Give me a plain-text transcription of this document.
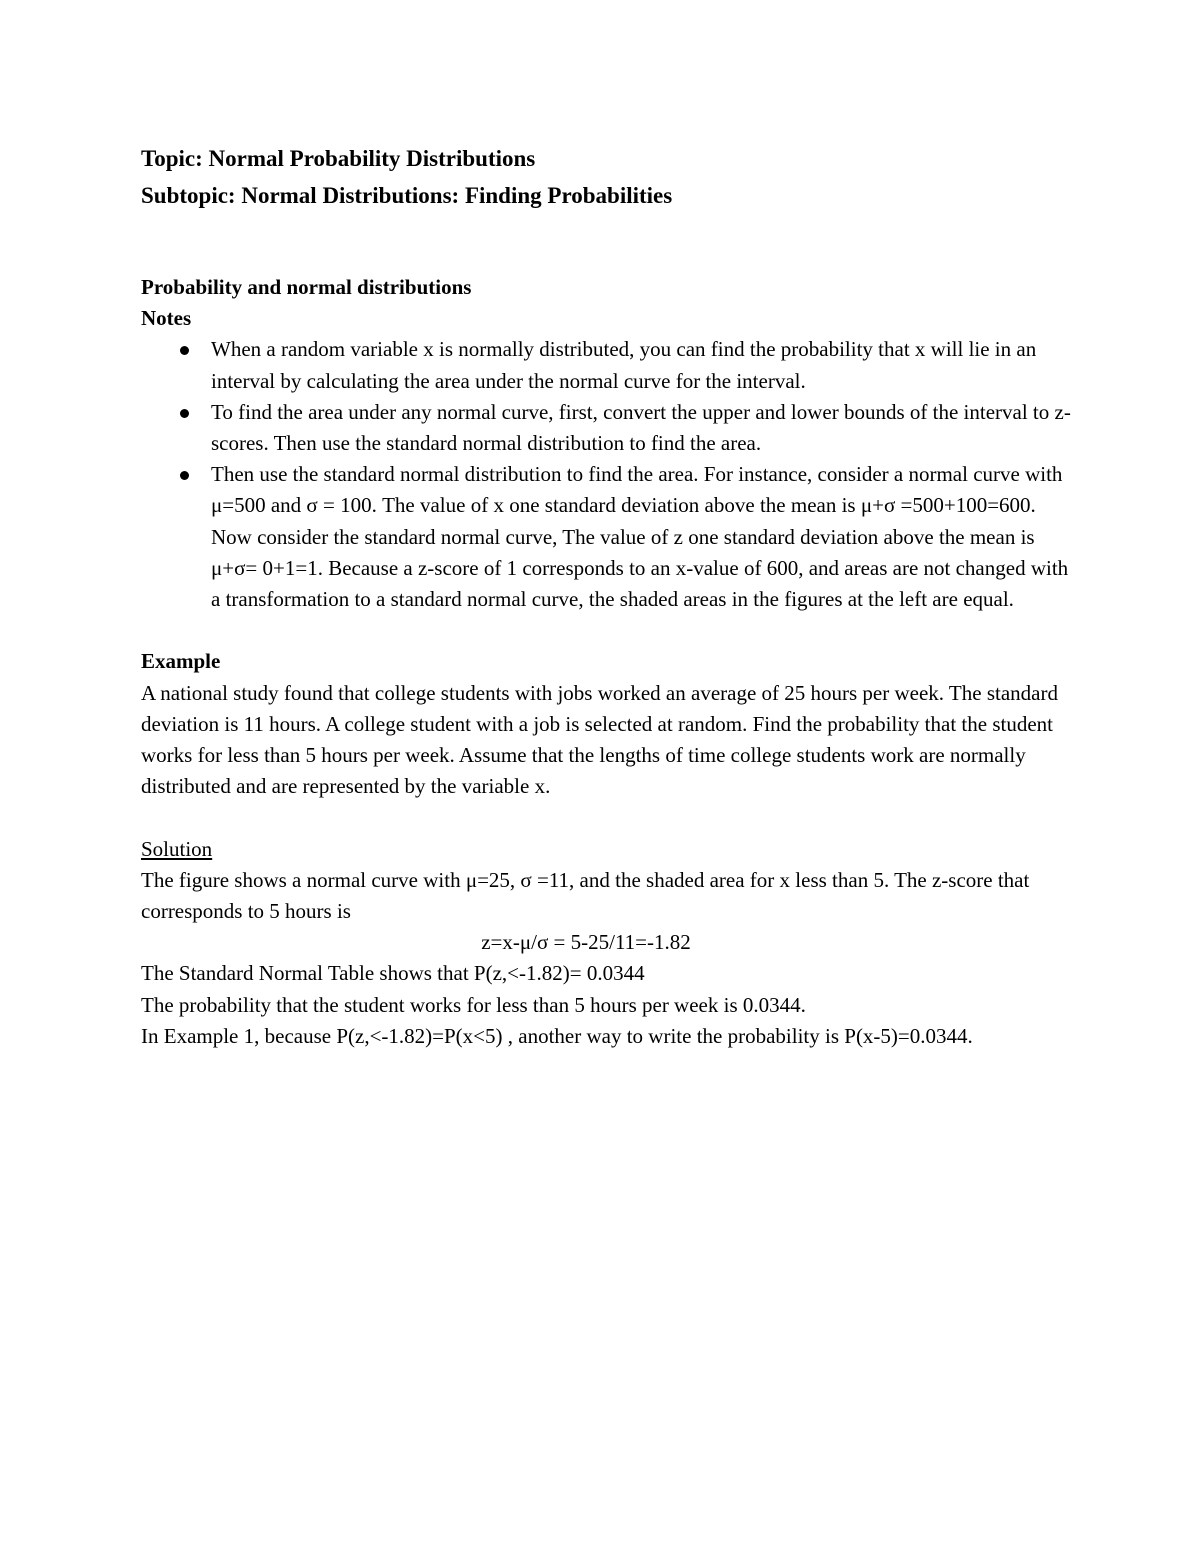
Topic: Normal Probability Distributions
Subtopic: Normal Distributions: Finding Probabilities
Probability and normal distributions
Notes
When a random variable x is normally distributed, you can find the probability that x will lie in an interval by calculating the area under the normal curve for the interval.
To find the area under any normal curve, first, convert the upper and lower bounds of the interval to z-scores. Then use the standard normal distribution to find the area.
Then use the standard normal distribution to find the area. For instance, consider a normal curve with μ=500 and σ = 100. The value of x one standard deviation above the mean is μ+σ =500+100=600. Now consider the standard normal curve, The value of z one standard deviation above the mean is μ+σ= 0+1=1. Because a z-score of 1 corresponds to an x-value of 600, and areas are not changed with a transformation to a standard normal curve, the shaded areas in the figures at the left are equal.
Example

A national study found that college students with jobs worked an average of 25 hours per week. The standard deviation is 11 hours. A college student with a job is selected at random. Find the probability that the student works for less than 5 hours per week. Assume that the lengths of time college students work are normally distributed and are represented by the variable x.

Solution

The figure shows a normal curve with μ=25, σ =11, and the shaded area for x less than 5. The z-score that corresponds to 5 hours is

z=x-μ/σ = 5-25/11=-1.82
The Standard Normal Table shows that P(z,<-1.82)= 0.0344
The probability that the student works for less than 5 hours per week is 0.0344.

In Example 1, because P(z,<-1.82)=P(x<5) , another way to write the probability is P(x-5)=0.0344.
